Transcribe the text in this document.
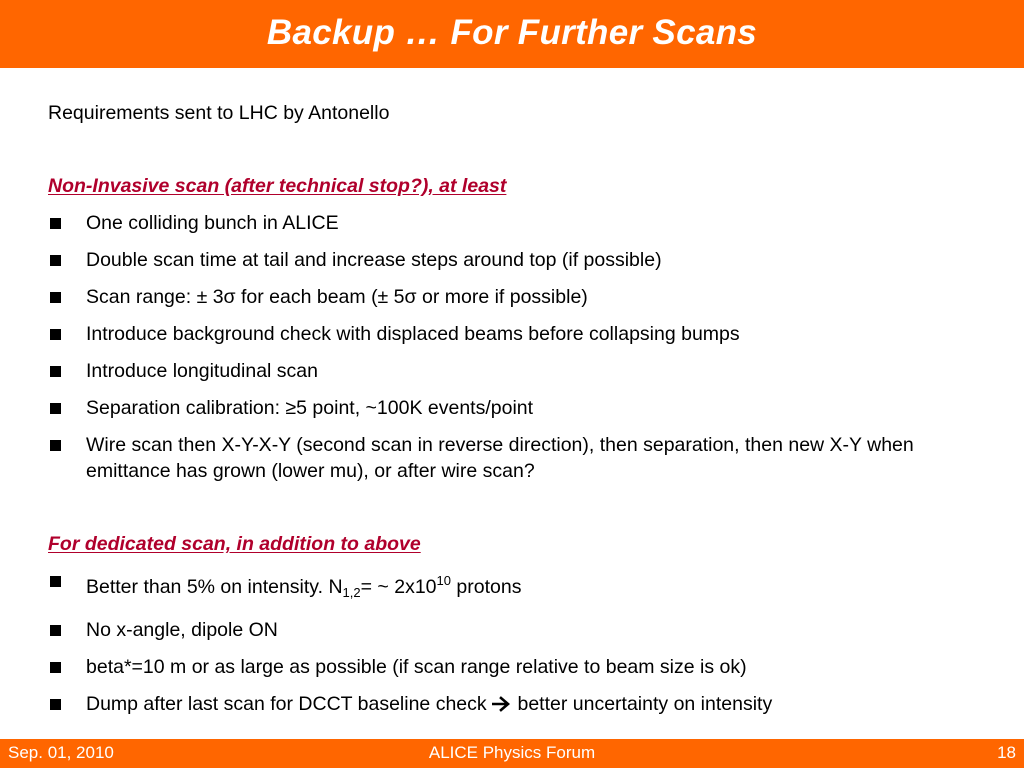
Backup … For Further Scans

Requirements sent to LHC by Antonello

Non-Invasive scan (after technical stop?), at least

One colliding bunch in ALICE
Double scan time at tail and increase steps around top (if possible)
Scan range: ± 3σ for each beam (± 5σ or more if possible)
Introduce background check with displaced beams before collapsing bumps
Introduce longitudinal scan
Separation calibration: ≥5 point, ~100K events/point
Wire scan then X-Y-X-Y (second scan in reverse direction), then separation, then new X-Y when emittance has grown (lower mu), or after wire scan?

For dedicated scan, in addition to above

Better than 5% on intensity. $N_{1,2}=$ ~ $2x10^{10}$ protons
No x-angle, dipole ON
beta*=10 m or as large as possible (if scan range relative to beam size is ok)
Dump after last scan for DCCT baseline check  better uncertainty on intensity
Sep. 01, 2010	ALICE Physics Forum	18
